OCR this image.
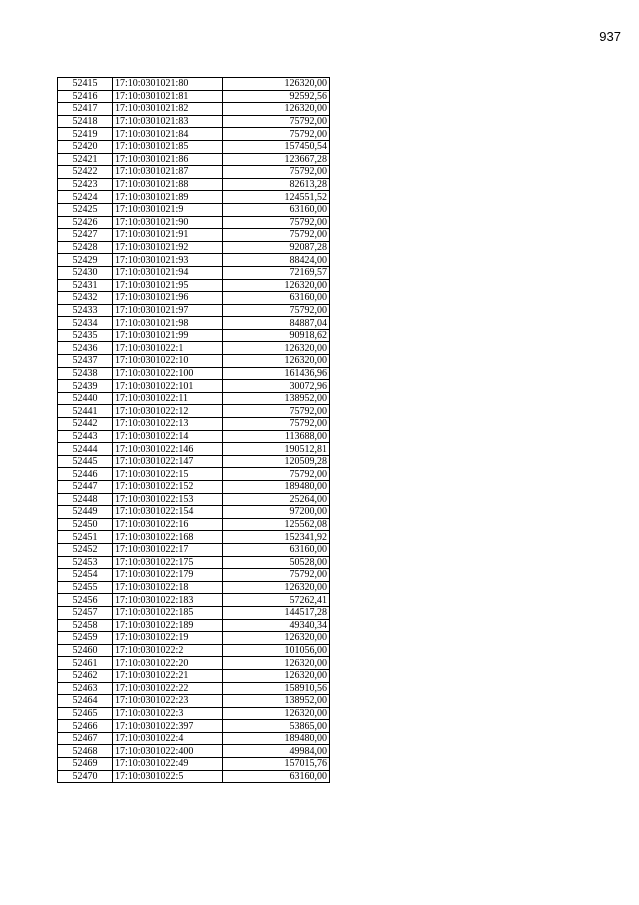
937
52415	17:10:0301021:80	126320,00
52416	17:10:0301021:81	92592,56
52417	17:10:0301021:82	126320,00
52418	17:10:0301021:83	75792,00
52419	17:10:0301021:84	75792,00
52420	17:10:0301021:85	157450,54
52421	17:10:0301021:86	123667,28
52422	17:10:0301021:87	75792,00
52423	17:10:0301021:88	82613,28
52424	17:10:0301021:89	124551,52
52425	17:10:0301021:9	63160,00
52426	17:10:0301021:90	75792,00
52427	17:10:0301021:91	75792,00
52428	17:10:0301021:92	92087,28
52429	17:10:0301021:93	88424,00
52430	17:10:0301021:94	72169,57
52431	17:10:0301021:95	126320,00
52432	17:10:0301021:96	63160,00
52433	17:10:0301021:97	75792,00
52434	17:10:0301021:98	84887,04
52435	17:10:0301021:99	90918,62
52436	17:10:0301022:1	126320,00
52437	17:10:0301022:10	126320,00
52438	17:10:0301022:100	161436,96
52439	17:10:0301022:101	30072,96
52440	17:10:0301022:11	138952,00
52441	17:10:0301022:12	75792,00
52442	17:10:0301022:13	75792,00
52443	17:10:0301022:14	113688,00
52444	17:10:0301022:146	190512,81
52445	17:10:0301022:147	120509,28
52446	17:10:0301022:15	75792,00
52447	17:10:0301022:152	189480,00
52448	17:10:0301022:153	25264,00
52449	17:10:0301022:154	97200,00
52450	17:10:0301022:16	125562,08
52451	17:10:0301022:168	152341,92
52452	17:10:0301022:17	63160,00
52453	17:10:0301022:175	50528,00
52454	17:10:0301022:179	75792,00
52455	17:10:0301022:18	126320,00
52456	17:10:0301022:183	57262,41
52457	17:10:0301022:185	144517,28
52458	17:10:0301022:189	49340,34
52459	17:10:0301022:19	126320,00
52460	17:10:0301022:2	101056,00
52461	17:10:0301022:20	126320,00
52462	17:10:0301022:21	126320,00
52463	17:10:0301022:22	158910,56
52464	17:10:0301022:23	138952,00
52465	17:10:0301022:3	126320,00
52466	17:10:0301022:397	53865,00
52467	17:10:0301022:4	189480,00
52468	17:10:0301022:400	49984,00
52469	17:10:0301022:49	157015,76
52470	17:10:0301022:5	63160,00
